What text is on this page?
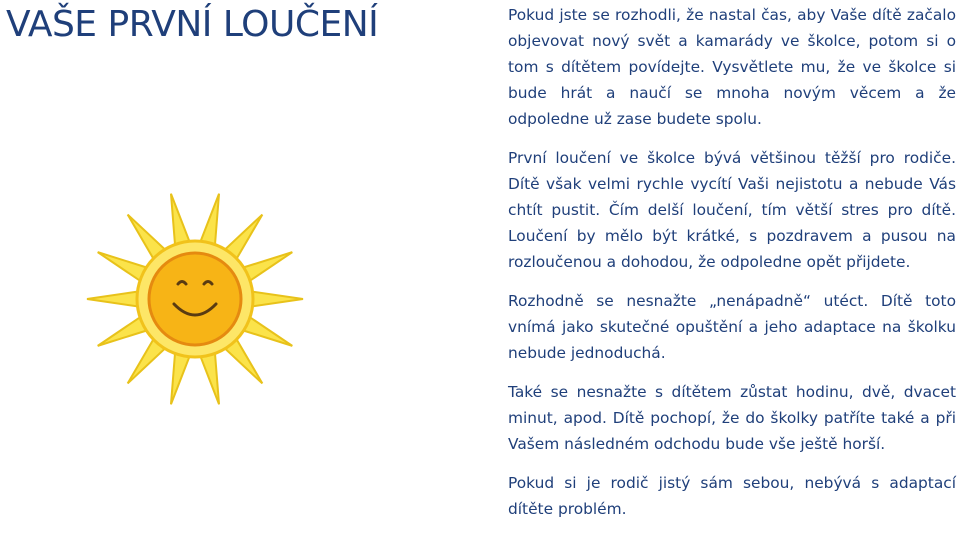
VAŠE PRVNÍ LOUČENÍ	Pokud jste se rozhodli, že nastal čas, aby Vaše dítě začalo objevovat nový svět a kamarády ve školce, potom si o tom s dítětem povídejte. Vysvětlete mu, že ve školce si bude hrát a naučí se mnoha novým věcem a že odpoledne už zase budete spolu.

První loučení ve školce bývá většinou těžší pro rodiče. Dítě však velmi rychle vycítí Vaši nejistotu a nebude Vás chtít pustit. Čím delší loučení, tím větší stres pro dítě. Loučení by mělo být krátké, s pozdravem a pusou na rozloučenou a dohodou, že odpoledne opět přijdete.

Rozhodně se nesnažte „nenápadně“ utéct. Dítě toto vnímá jako skutečné opuštění a jeho adaptace na školku nebude jednoduchá.

Také se nesnažte s dítětem zůstat hodinu, dvě, dvacet minut, apod. Dítě pochopí, že do školky patříte také a při Vašem následném odchodu bude vše ještě horší.

Pokud si je rodič jistý sám sebou, nebývá s adaptací dítěte problém.
